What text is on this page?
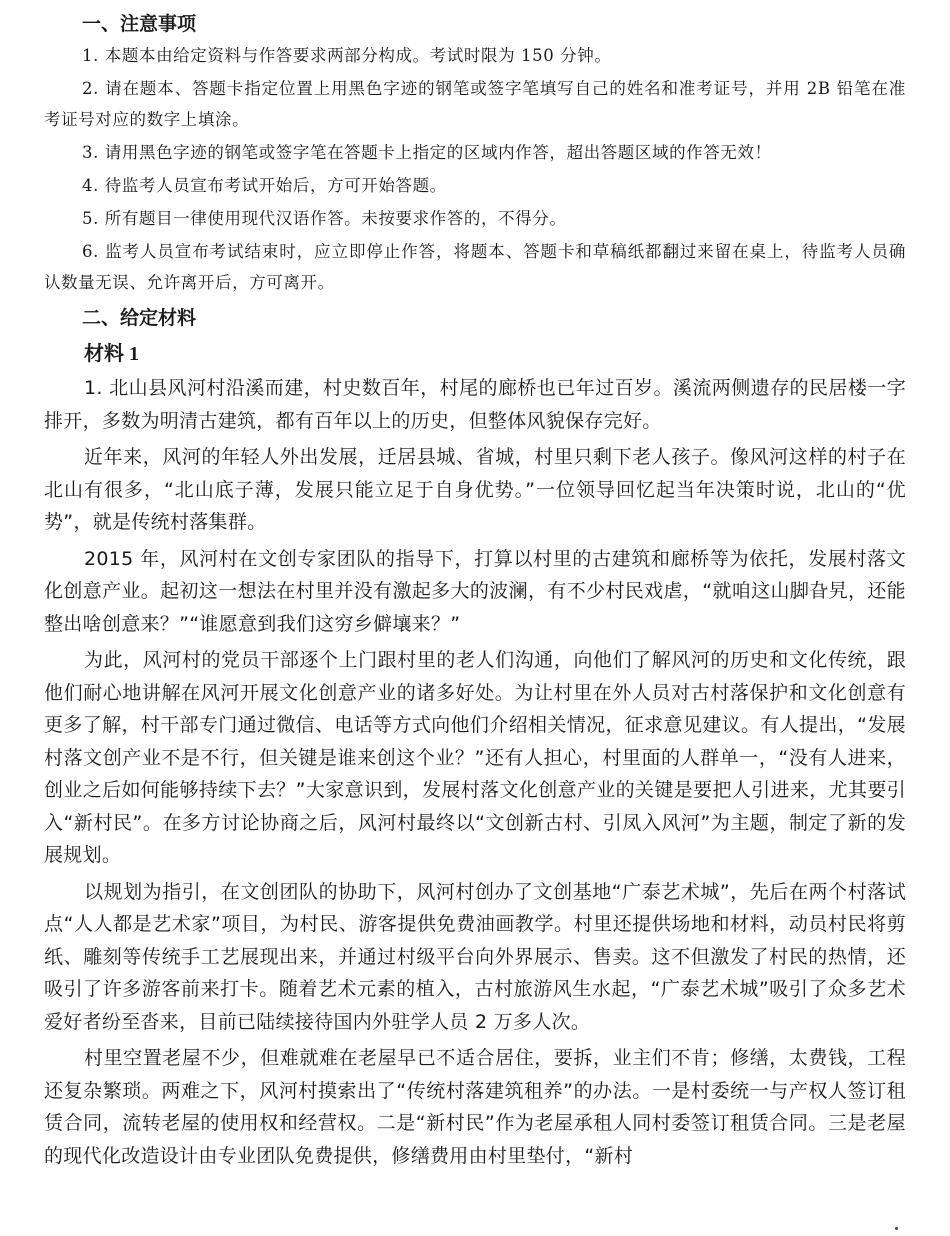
一、注意事项

1. 本题本由给定资料与作答要求两部分构成。考试时限为 150 分钟。

2. 请在题本、答题卡指定位置上用黑色字迹的钢笔或签字笔填写自己的姓名和准考证号，并用 2B 铅笔在准考证号对应的数字上填涂。

3. 请用黑色字迹的钢笔或签字笔在答题卡上指定的区域内作答，超出答题区域的作答无效！

4. 待监考人员宣布考试开始后，方可开始答题。

5. 所有题目一律使用现代汉语作答。未按要求作答的，不得分。

6. 监考人员宣布考试结束时，应立即停止作答，将题本、答题卡和草稿纸都翻过来留在桌上，待监考人员确认数量无误、允许离开后，方可离开。

二、给定材料
材料 1

1. 北山县风河村沿溪而建，村史数百年，村尾的廊桥也已年过百岁。溪流两侧遗存的民居楼一字排开，多数为明清古建筑，都有百年以上的历史，但整体风貌保存完好。

近年来，风河的年轻人外出发展，迁居县城、省城，村里只剩下老人孩子。像风河这样的村子在北山有很多，“北山底子薄，发展只能立足于自身优势。”一位领导回忆起当年决策时说，北山的“优势”，就是传统村落集群。

2015 年，风河村在文创专家团队的指导下，打算以村里的古建筑和廊桥等为依托，发展村落文化创意产业。起初这一想法在村里并没有激起多大的波澜，有不少村民戏虐，“就咱这山脚旮旯，还能整出啥创意来？”“谁愿意到我们这穷乡僻壤来？”

为此，风河村的党员干部逐个上门跟村里的老人们沟通，向他们了解风河的历史和文化传统，跟他们耐心地讲解在风河开展文化创意产业的诸多好处。为让村里在外人员对古村落保护和文化创意有更多了解，村干部专门通过微信、电话等方式向他们介绍相关情况，征求意见建议。有人提出，“发展村落文创产业不是不行，但关键是谁来创这个业？”还有人担心，村里面的人群单一，“没有人进来，创业之后如何能够持续下去？”大家意识到，发展村落文化创意产业的关键是要把人引进来，尤其要引入“新村民”。在多方讨论协商之后，风河村最终以“文创新古村、引凤入风河”为主题，制定了新的发展规划。

以规划为指引，在文创团队的协助下，风河村创办了文创基地“广泰艺术城”，先后在两个村落试点“人人都是艺术家”项目，为村民、游客提供免费油画教学。村里还提供场地和材料，动员村民将剪纸、雕刻等传统手工艺展现出来，并通过村级平台向外界展示、售卖。这不但激发了村民的热情，还吸引了许多游客前来打卡。随着艺术元素的植入，古村旅游风生水起，“广泰艺术城”吸引了众多艺术爱好者纷至沓来，目前已陆续接待国内外驻学人员 2 万多人次。

村里空置老屋不少，但难就难在老屋早已不适合居住，要拆，业主们不肯；修缮，太费钱，工程还复杂繁琐。两难之下，风河村摸索出了“传统村落建筑租养”的办法。一是村委统一与产权人签订租赁合同，流转老屋的使用权和经营权。二是“新村民”作为老屋承租人同村委签订租赁合同。三是老屋的现代化改造设计由专业团队免费提供，修缮费用由村里垫付，“新村
